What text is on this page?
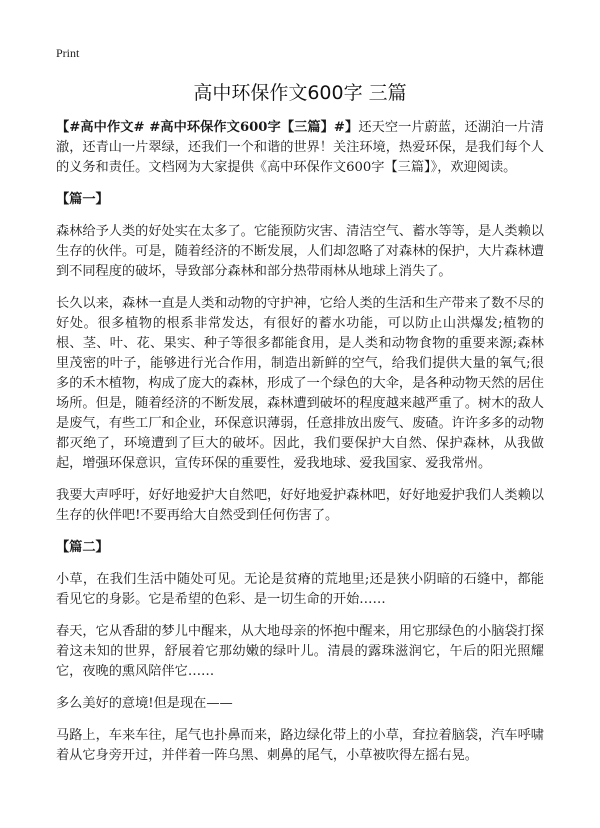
Print
高中环保作文600字 三篇

【#高中作文# #高中环保作文600字【三篇】#】还天空一片蔚蓝，还湖泊一片清澈，还青山一片翠绿，还我们一个和谐的世界！关注环境，热爱环保，是我们每个人的义务和责任。文档网为大家提供《高中环保作文600字【三篇】》，欢迎阅读。

【篇一】

森林给予人类的好处实在太多了。它能预防灾害、清洁空气、蓄水等等，是人类赖以生存的伙伴。可是，随着经济的不断发展，人们却忽略了对森林的保护，大片森林遭到不同程度的破坏，导致部分森林和部分热带雨林从地球上消失了。

长久以来，森林一直是人类和动物的守护神，它给人类的生活和生产带来了数不尽的好处。很多植物的根系非常发达，有很好的蓄水功能，可以防止山洪爆发;植物的根、茎、叶、花、果实、种子等很多都能食用，是人类和动物食物的重要来源;森林里茂密的叶子，能够进行光合作用，制造出新鲜的空气，给我们提供大量的氧气;很多的禾木植物，构成了庞大的森林，形成了一个绿色的大伞，是各种动物天然的居住场所。但是，随着经济的不断发展，森林遭到破坏的程度越来越严重了。树木的敌人是废气，有些工厂和企业，环保意识薄弱，任意排放出废气、废碴。许许多多的动物都灭绝了，环境遭到了巨大的破坏。因此，我们要保护大自然、保护森林，从我做起，增强环保意识，宣传环保的重要性，爱我地球、爱我国家、爱我常州。

我要大声呼吁，好好地爱护大自然吧，好好地爱护森林吧，好好地爱护我们人类赖以生存的伙伴吧!不要再给大自然受到任何伤害了。

【篇二】

小草，在我们生活中随处可见。无论是贫瘠的荒地里;还是狭小阴暗的石缝中，都能看见它的身影。它是希望的色彩、是一切生命的开始……

春天，它从香甜的梦儿中醒来，从大地母亲的怀抱中醒来，用它那绿色的小脑袋打探着这未知的世界，舒展着它那幼嫩的绿叶儿。清晨的露珠滋润它，午后的阳光照耀它，夜晚的熏风陪伴它……

多么美好的意境!但是现在——

马路上，车来车往，尾气也扑鼻而来，路边绿化带上的小草，耷拉着脑袋，汽车呼啸着从它身旁开过，并伴着一阵乌黑、刺鼻的尾气，小草被吹得左摇右晃。
